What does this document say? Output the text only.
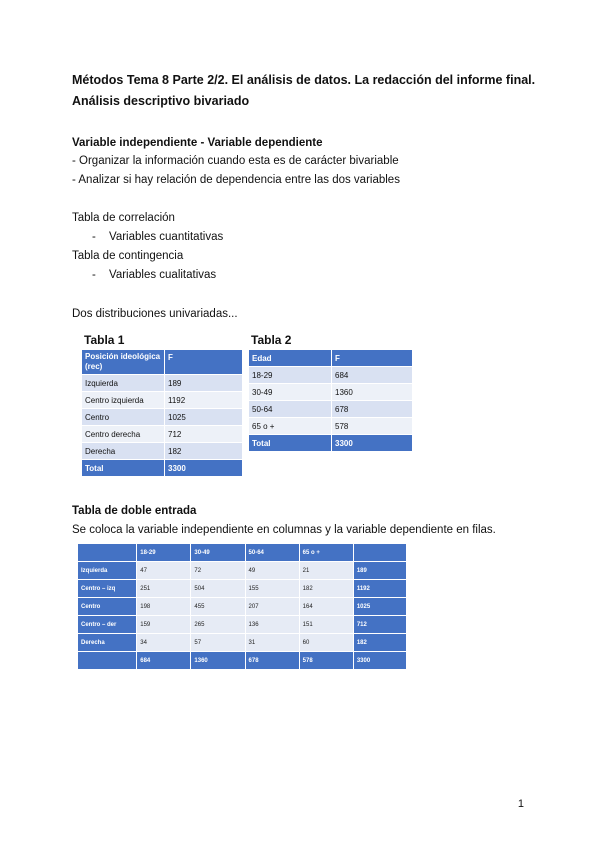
Métodos Tema 8 Parte 2/2. El análisis de datos. La redacción del informe final.
Análisis descriptivo bivariado
Variable independiente - Variable dependiente
- Organizar la información cuando esta es de carácter bivariable
- Analizar si hay relación de dependencia entre las dos variables
Tabla de correlación
- Variables cuantitativas
Tabla de contingencia
- Variables cualitativas
Dos distribuciones univariadas...
Tabla 1
Posición ideológica (rec)	F
Izquierda	189
Centro izquierda	1192
Centro	1025
Centro derecha	712
Derecha	182
Total	3300
Tabla 2
Edad	F
18-29	684
30-49	1360
50-64	678
65 o +	578
Total	3300
Tabla de doble entrada
Se coloca la variable independiente en columnas y la variable dependiente en filas.
	18-29	30-49	50-64	65 o +	
Izquierda	47	72	49	21	189
Centro – izq	251	504	155	182	1192
Centro	198	455	207	164	1025
Centro – der	159	265	136	151	712
Derecha	34	57	31	60	182
	684	1360	678	578	3300
1
